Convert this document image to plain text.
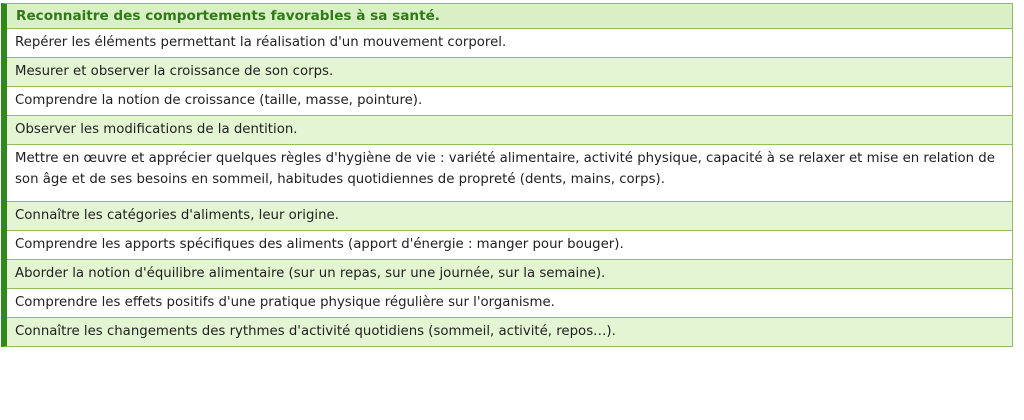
Reconnaitre des comportements favorables à sa santé.
Repérer les éléments permettant la réalisation d'un mouvement corporel.
Mesurer et observer la croissance de son corps.
Comprendre la notion de croissance (taille, masse, pointure).
Observer les modifications de la dentition.
Mettre en œuvre et apprécier quelques règles d'hygiène de vie : variété alimentaire, activité physique, capacité à se relaxer et mise en relation de son âge et de ses besoins en sommeil, habitudes quotidiennes de propreté (dents, mains, corps).
Connaître les catégories d'aliments, leur origine.
Comprendre les apports spécifiques des aliments (apport d'énergie : manger pour bouger).
Aborder la notion d'équilibre alimentaire (sur un repas, sur une journée, sur la semaine).
Comprendre les effets positifs d'une pratique physique régulière sur l'organisme.
Connaître les changements des rythmes d'activité quotidiens (sommeil, activité, repos…).
